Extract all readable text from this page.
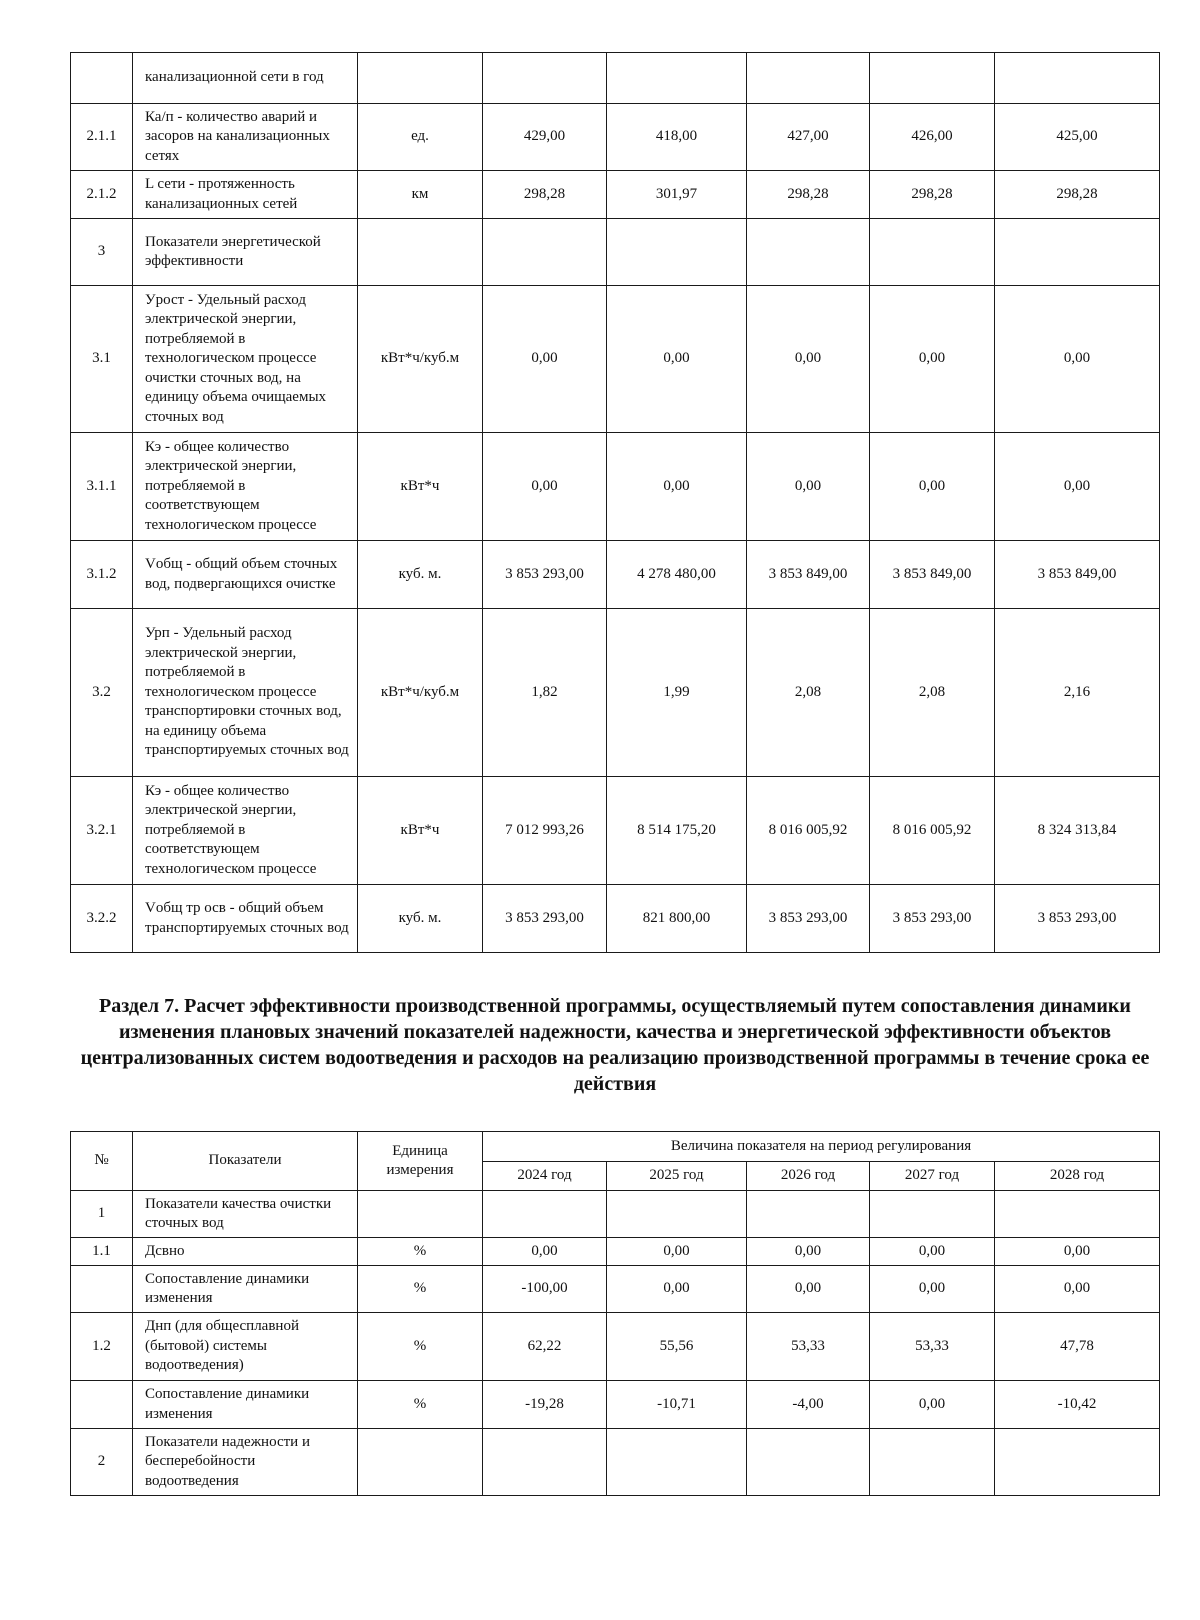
	канализационной сети в год						
2.1.1	Ка/п - количество аварий и засоров на канализационных сетях	ед.	429,00	418,00	427,00	426,00	425,00
2.1.2	L сети - протяженность канализационных сетей	км	298,28	301,97	298,28	298,28	298,28
3	Показатели энергетической эффективности						
3.1	Уpост - Удельный расход электрической энергии, потребляемой в технологическом процессе очистки сточных вод, на единицу объема очищаемых сточных вод	кВт*ч/куб.м	0,00	0,00	0,00	0,00	0,00
3.1.1	Кэ - общее количество электрической энергии, потребляемой в соответствующем технологическом процессе	кВт*ч	0,00	0,00	0,00	0,00	0,00
3.1.2	Vобщ - общий объем сточных вод, подвергающихся очистке	куб. м.	3 853 293,00	4 278 480,00	3 853 849,00	3 853 849,00	3 853 849,00
3.2	Урп - Удельный расход электрической энергии, потребляемой в технологическом процессе транспортировки сточных вод, на единицу объема транспортируемых сточных вод	кВт*ч/куб.м	1,82	1,99	2,08	2,08	2,16
3.2.1	Кэ - общее количество электрической энергии, потребляемой в соответствующем технологическом процессе	кВт*ч	7 012 993,26	8 514 175,20	8 016 005,92	8 016 005,92	8 324 313,84
3.2.2	Vобщ тр осв - общий объем транспортируемых сточных вод	куб. м.	3 853 293,00	821 800,00	3 853 293,00	3 853 293,00	3 853 293,00
Раздел 7. Расчет эффективности производственной программы, осуществляемый путем сопоставления динамики изменения плановых значений показателей надежности, качества и энергетической эффективности объектов централизованных систем водоотведения и расходов на реализацию производственной программы в течение срока ее действия
№	Показатели	Единица измерения	Величина показателя на период регулирования				
			2024 год	2025 год	2026 год	2027 год	2028 год
1	Показатели качества очистки сточных вод						
1.1	Дсвно	%	0,00	0,00	0,00	0,00	0,00
	Сопоставление динамики изменения	%	-100,00	0,00	0,00	0,00	0,00
1.2	Днп (для общесплавной (бытовой) системы водоотведения)	%	62,22	55,56	53,33	53,33	47,78
	Сопоставление динамики изменения	%	-19,28	-10,71	-4,00	0,00	-10,42
2	Показатели надежности и бесперебойности водоотведения						
